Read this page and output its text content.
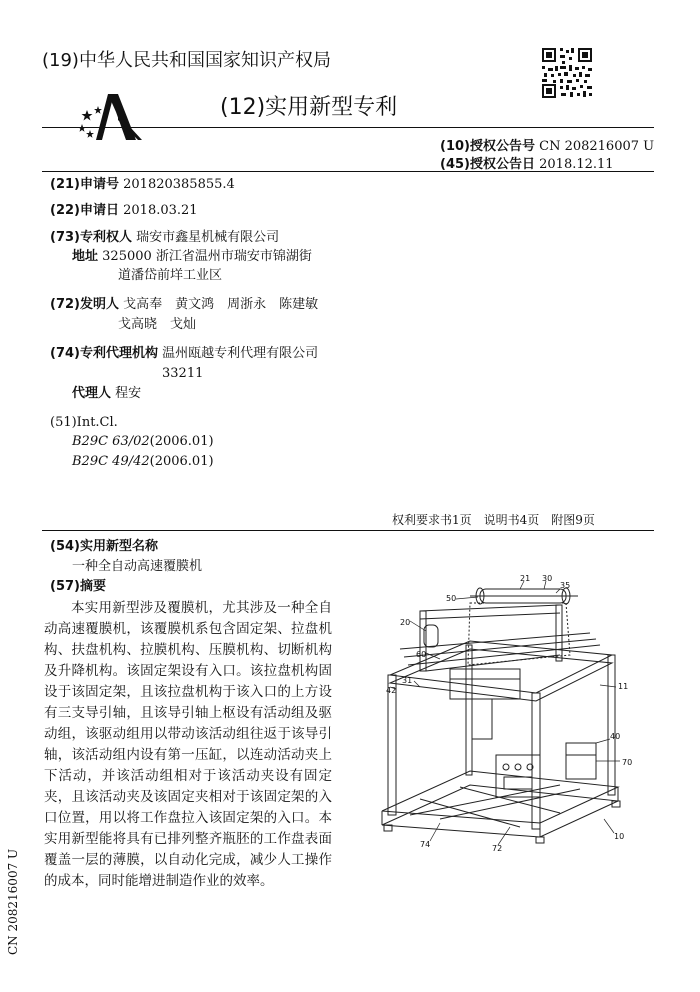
(19)中华人民共和国国家知识产权局
(12)实用新型专利
(10)授权公告号 CN 208216007 U
(45)授权公告日 2018.12.11
(21)申请号 201820385855.4
(22)申请日 2018.03.21
(73)专利权人 瑞安市鑫星机械有限公司
地址 325000 浙江省温州市瑞安市锦湖街
道潘岱前垟工业区
(72)发明人 戈高奉　黄文鸿　周浙永　陈建敏
戈高晓　戈灿
(74)专利代理机构 温州瓯越专利代理有限公司
33211
代理人 程安
(51)Int.Cl.
B29C 63/02(2006.01)
B29C 49/42(2006.01)
权利要求书1页　说明书4页　附图9页
(54)实用新型名称
一种全自动高速覆膜机
(57)摘要
本实用新型涉及覆膜机，尤其涉及一种全自动高速覆膜机，该覆膜机系包含固定架、拉盘机构、扶盘机构、拉膜机构、压膜机构、切断机构及升降机构。该固定架设有入口。该拉盘机构固设于该固定架，且该拉盘机构于该入口的上方设有三支导引轴，且该导引轴上枢设有活动组及驱动组，该驱动组用以带动该活动组往返于该导引轴，该活动组内设有第一压缸，以连动活动夹上下活动，并该活动组相对于该活动夹设有固定夹，且该活动夹及该固定夹相对于该固定架的入口位置，用以将工作盘拉入该固定架的入口。本实用新型能将具有已排列整齐瓶胚的工作盘表面覆盖一层的薄膜，以自动化完成，减少人工操作的成本，同时能增进制造作业的效率。
CN 208216007 U
21 30
35
50
20
60
11
42
31
40
70
74	72
10
